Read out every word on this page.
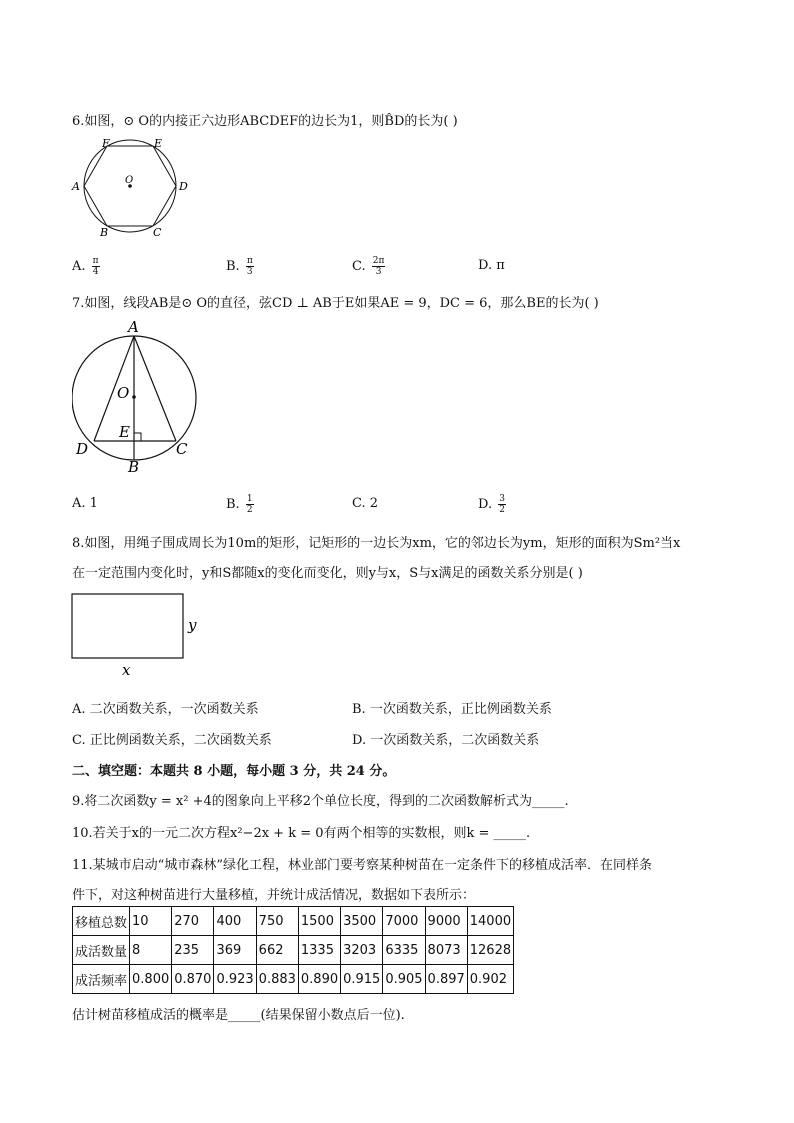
6.如图，⊙ O的内接正六边形ABCDEF的边长为1，则B̂D的长为( )
F	E
A	D
O
B	C
A. $\frac{\pi}{4}$	B. $\frac{\pi}{3}$	C. $\frac{2\pi}{3}$	D. π
7.如图，线段AB是⊙ O的直径，弦CD ⊥ AB于E如果AE = 9，DC = 6，那么BE的长为( )
A
O
E
D	C
B
A. 1	B. $\frac{1}{2}$	C. 2	D. $\frac{3}{2}$
8.如图，用绳子围成周长为10m的矩形，记矩形的一边长为xm，它的邻边长为ym，矩形的面积为Sm²当x
在一定范围内变化时，y和S都随x的变化而变化，则y与x，S与x满足的函数关系分别是( )
y
x
A. 二次函数关系，一次函数关系	B. 一次函数关系，正比例函数关系
C. 正比例函数关系，二次函数关系	D. 一次函数关系，二次函数关系
二、填空题：本题共 8 小题，每小题 3 分，共 24 分。
9.将二次函数y = x² +4的图象向上平移2个单位长度，得到的二次函数解析式为_____.
10.若关于x的一元二次方程x²−2x + k = 0有两个相等的实数根，则k = _____.
11.某城市启动“城市森林”绿化工程，林业部门要考察某种树苗在一定条件下的移植成活率．在同样条
件下，对这种树苗进行大量移植，并统计成活情况，数据如下表所示：
移植总数	10	270	400	750	1500	3500	7000	9000	14000
成活数量	8	235	369	662	1335	3203	6335	8073	12628
成活频率	0.800	0.870	0.923	0.883	0.890	0.915	0.905	0.897	0.902
估计树苗移植成活的概率是_____(结果保留小数点后一位).
